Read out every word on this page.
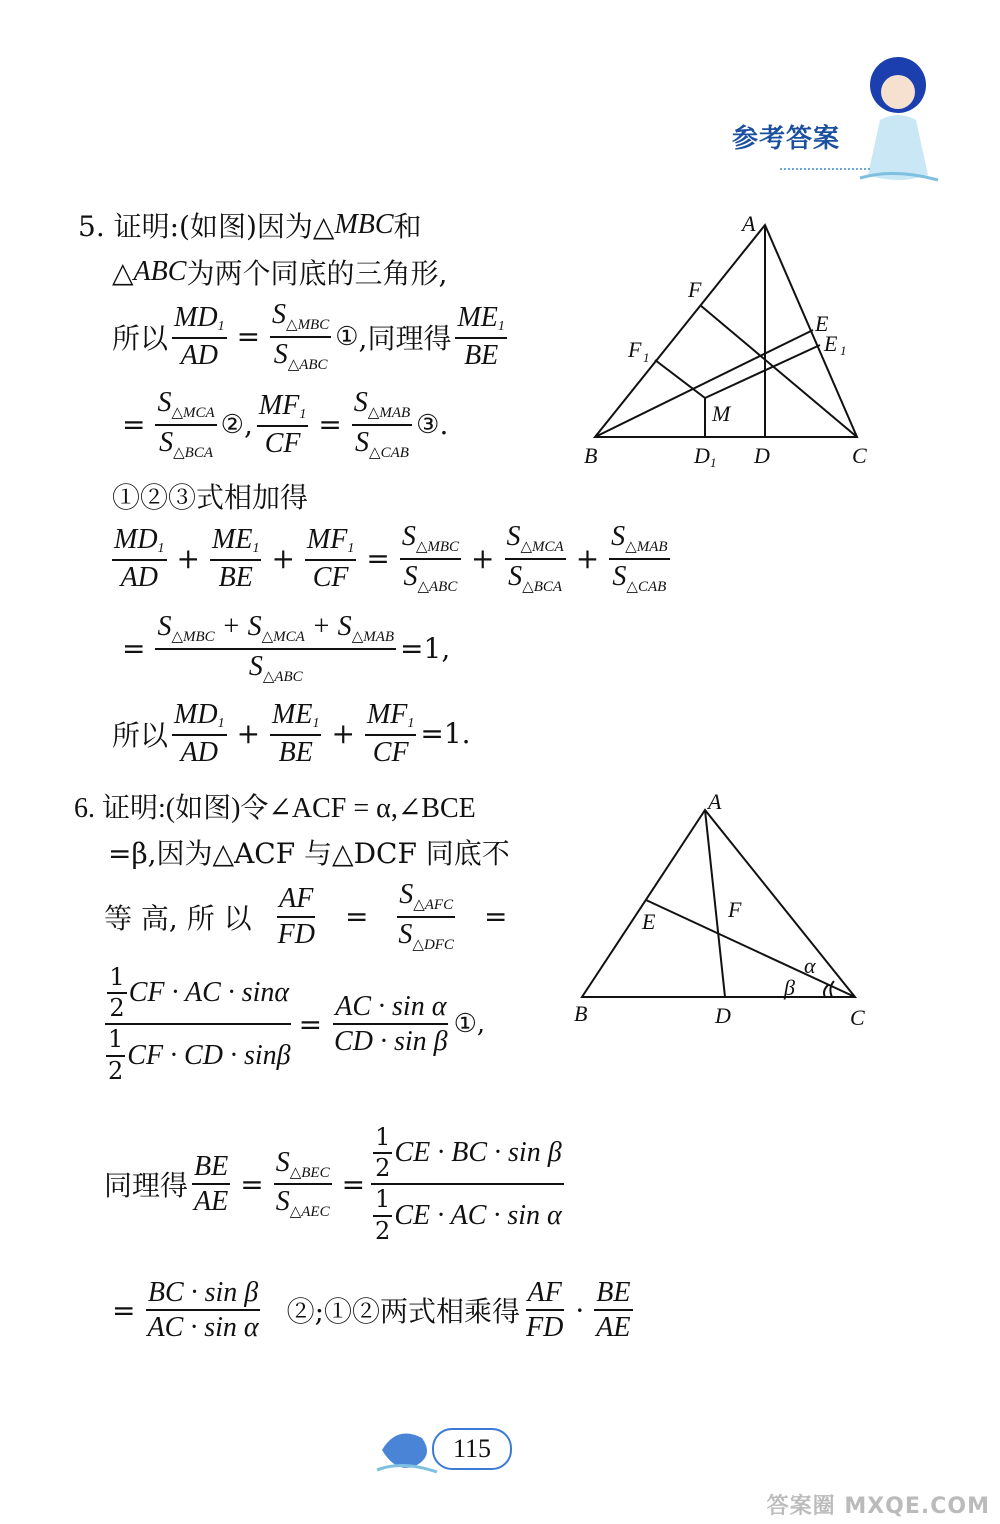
参考答案
5. 证明:(如图)因为△ MBC 和
△ ABC 为两个同底的三角形,
所以 $\frac{MD_1}{AD} = \frac{S_{\triangle MBC}}{S_{\triangle ABC}}$ ① ,同理得 $\frac{ME_1}{BE}$
= $\frac{S_{\triangle MCA}}{S_{\triangle BCA}}$ ② , $\frac{MF_1}{CF} = \frac{S_{\triangle MAB}}{S_{\triangle CAB}}$ ③ .
①②③式相加得
$\frac{MD_1}{AD} + \frac{ME_1}{BE} + \frac{MF_1}{CF} = \frac{S_{\triangle MBC}}{S_{\triangle ABC}} + \frac{S_{\triangle MCA}}{S_{\triangle BCA}} + \frac{S_{\triangle MAB}}{S_{\triangle CAB}}$
= $\frac{S_{\triangle MBC} + S_{\triangle MCA} + S_{\triangle MAB}}{S_{\triangle ABC}} =1$,
所以 $\frac{MD_1}{AD} + \frac{ME_1}{BE} + \frac{MF_1}{CF} =1$.
A
F
E
E 1
F 1
M
B	D 1 D	C
6. 证明:(如图)令∠ACF = α,∠BCE
=β,因为△ACF 与△DCF 同底不
等 高, 所 以 $\frac{AF}{FD} = \frac{S_{\triangle AFC}}{S_{\triangle DFC}}$ =
$\frac{\frac{1}{2} CF \cdot AC \cdot \sin\alpha}{\frac{1}{2} CF \cdot CD \cdot \sin\beta} = \frac{\text{AC · sin α}}{\text{CD · sin β}}$ ①,
同理得 $\frac{BE}{AE} = \frac{S_{\triangle BEC}}{S_{\triangle AEC}} = \frac{\frac{1}{2} CE \cdot BC \cdot \sin \beta}{\frac{1}{2} CE \cdot AC \cdot \sin \alpha}$
= $\frac{\text{BC · sin β}}{\text{AC · sin α}}$ ②;①②两式相乘得 $\frac{AF}{FD} \cdot \frac{BE}{AE}$
A
E	F
α
β
B	D	C
115
答案圈 MXQE.COM
